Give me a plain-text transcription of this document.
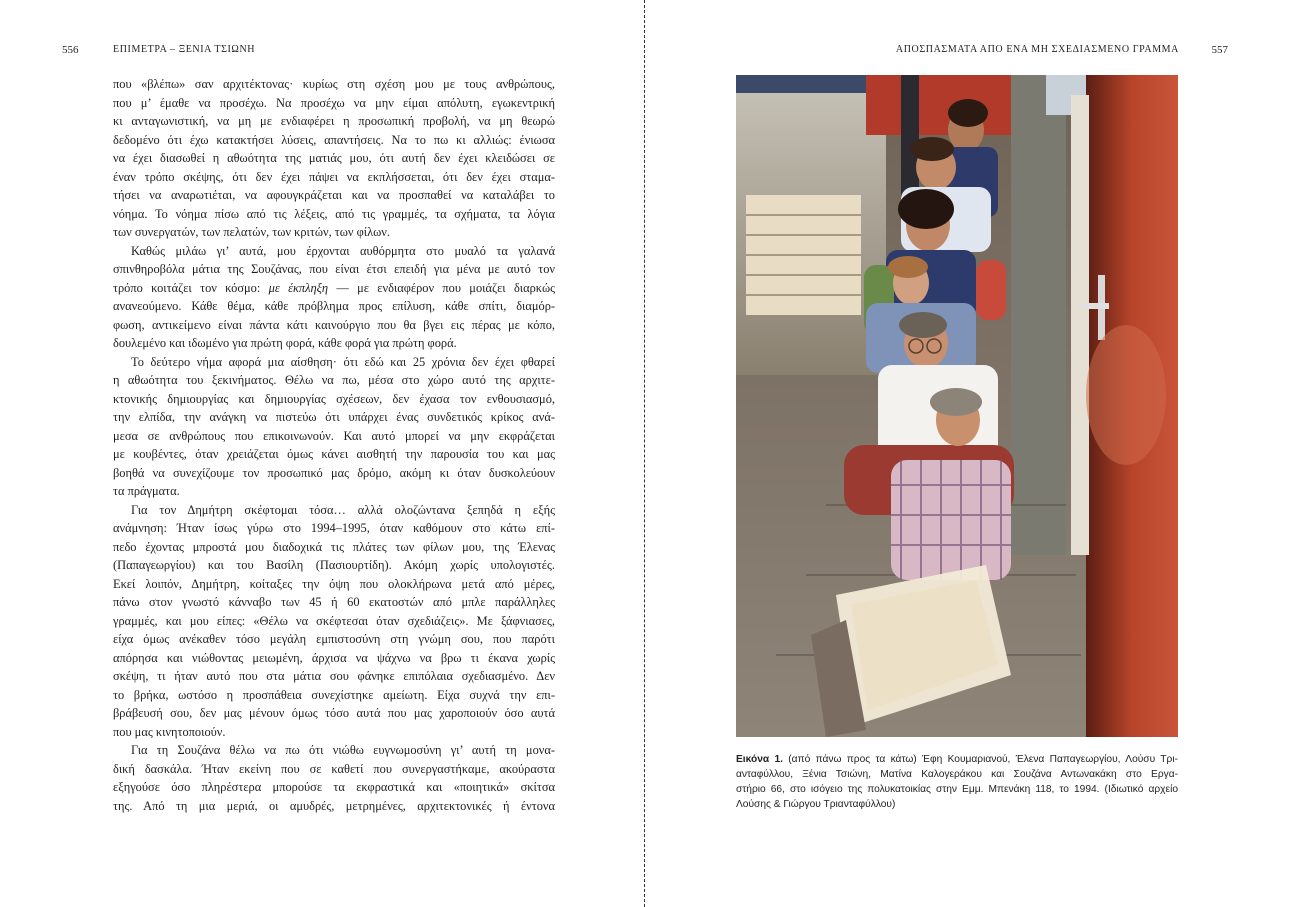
556	ΕΠΙΜΕΤΡΑ – ΞΕΝΙΑ ΤΣΙΩΝΗ
που «βλέπω» σαν αρχιτέκτονας· κυρίως στη σχέση μου με τους ανθρώπους,
που μ’ έμαθε να προσέχω. Να προσέχω να μην είμαι απόλυτη, εγωκεντρική
κι ανταγωνιστική, να μη με ενδιαφέρει η προσωπική προβολή, να μη θεωρώ
δεδομένο ότι έχω κατακτήσει λύσεις, απαντήσεις. Να το πω κι αλλιώς: ένιωσα
να έχει διασωθεί η αθωότητα της ματιάς μου, ότι αυτή δεν έχει κλειδώσει σε
έναν τρόπο σκέψης, ότι δεν έχει πάψει να εκπλήσσεται, ότι δεν έχει σταμα-
τήσει να αναρωτιέται, να αφουγκράζεται και να προσπαθεί να καταλάβει το
νόημα. Το νόημα πίσω από τις λέξεις, από τις γραμμές, τα σχήματα, τα λόγια
των συνεργατών, των πελατών, των κριτών, των φίλων.
Καθώς μιλάω γι’ αυτά, μου έρχονται αυθόρμητα στο μυαλό τα γαλανά
σπινθηροβόλα μάτια της Σουζάνας, που είναι έτσι επειδή για μένα με αυτό τον
τρόπο κοιτάζει τον κόσμο: με έκπληξη — με ενδιαφέρον που μοιάζει διαρκώς
ανανεούμενο. Κάθε θέμα, κάθε πρόβλημα προς επίλυση, κάθε σπίτι, διαμόρ-
φωση, αντικείμενο είναι πάντα κάτι καινούργιο που θα βγει εις πέρας με κόπο,
δουλεμένο και ιδωμένο για πρώτη φορά, κάθε φορά για πρώτη φορά.
Το δεύτερο νήμα αφορά μια αίσθηση· ότι εδώ και 25 χρόνια δεν έχει φθαρεί
η αθωότητα του ξεκινήματος. Θέλω να πω, μέσα στο χώρο αυτό της αρχιτε-
κτονικής δημιουργίας και δημιουργίας σχέσεων, δεν έχασα τον ενθουσιασμό,
την ελπίδα, την ανάγκη να πιστεύω ότι υπάρχει ένας συνδετικός κρίκος ανά-
μεσα σε ανθρώπους που επικοινωνούν. Και αυτό μπορεί να μην εκφράζεται
με κουβέντες, όταν χρειάζεται όμως κάνει αισθητή την παρουσία του και μας
βοηθά να συνεχίζουμε τον προσωπικό μας δρόμο, ακόμη κι όταν δυσκολεύουν
τα πράγματα.
Για τον Δημήτρη σκέφτομαι τόσα… αλλά ολοζώντανα ξεπηδά η εξής
ανάμνηση: Ήταν ίσως γύρω στο 1994–1995, όταν καθόμουν στο κάτω επί-
πεδο έχοντας μπροστά μου διαδοχικά τις πλάτες των φίλων μου, της Έλενας
(Παπαγεωργίου) και του Βασίλη (Πασιουρτίδη). Ακόμη χωρίς υπολογιστές.
Εκεί λοιπόν, Δημήτρη, κοίταξες την όψη που ολοκλήρωνα μετά από μέρες,
πάνω στον γνωστό κάνναβο των 45 ή 60 εκατοστών από μπλε παράλληλες
γραμμές, και μου είπες: «Θέλω να σκέφτεσαι όταν σχεδιάζεις». Με ξάφνιασες,
είχα όμως ανέκαθεν τόσο μεγάλη εμπιστοσύνη στη γνώμη σου, που παρότι
απόρησα και νιώθοντας μειωμένη, άρχισα να ψάχνω να βρω τι έκανα χωρίς
σκέψη, τι ήταν αυτό που στα μάτια σου φάνηκε επιπόλαια σχεδιασμένο. Δεν
το βρήκα, ωστόσο η προσπάθεια συνεχίστηκε αμείωτη. Είχα συχνά την επι-
βράβευσή σου, δεν μας μένουν όμως τόσο αυτά που μας χαροποιούν όσο αυτά
που μας κινητοποιούν.
Για τη Σουζάνα θέλω να πω ότι νιώθω ευγνωμοσύνη γι’ αυτή τη μονα-
δική δασκάλα. Ήταν εκείνη που σε καθετί που συνεργαστήκαμε, ακούραστα
εξηγούσε όσο πληρέστερα μπορούσε τα εκφραστικά και «ποιητικά» σκίτσα
της. Από τη μια μεριά, οι αμυδρές, μετρημένες, αρχιτεκτονικές ή έντονα
ΑΠΟΣΠΑΣΜΑΤΑ ΑΠΟ ΕΝΑ ΜΗ ΣΧΕΔΙΑΣΜΕΝΟ ΓΡΑΜΜΑ	557
Εικόνα 1. (από πάνω προς τα κάτω) Έφη Κουμαριανού, Έλενα Παπαγεωργίου, Λούσυ Τρι-
ανταφύλλου, Ξένια Τσιώνη, Ματίνα Καλογεράκου και Σουζάνα Αντωνακάκη στο Εργα-
στήριο 66, στο ισόγειο της πολυκατοικίας στην Εμμ. Μπενάκη 118, το 1994. (Ιδιωτικό αρχείο
Λούσης & Γιώργου Τριανταφύλλου)
